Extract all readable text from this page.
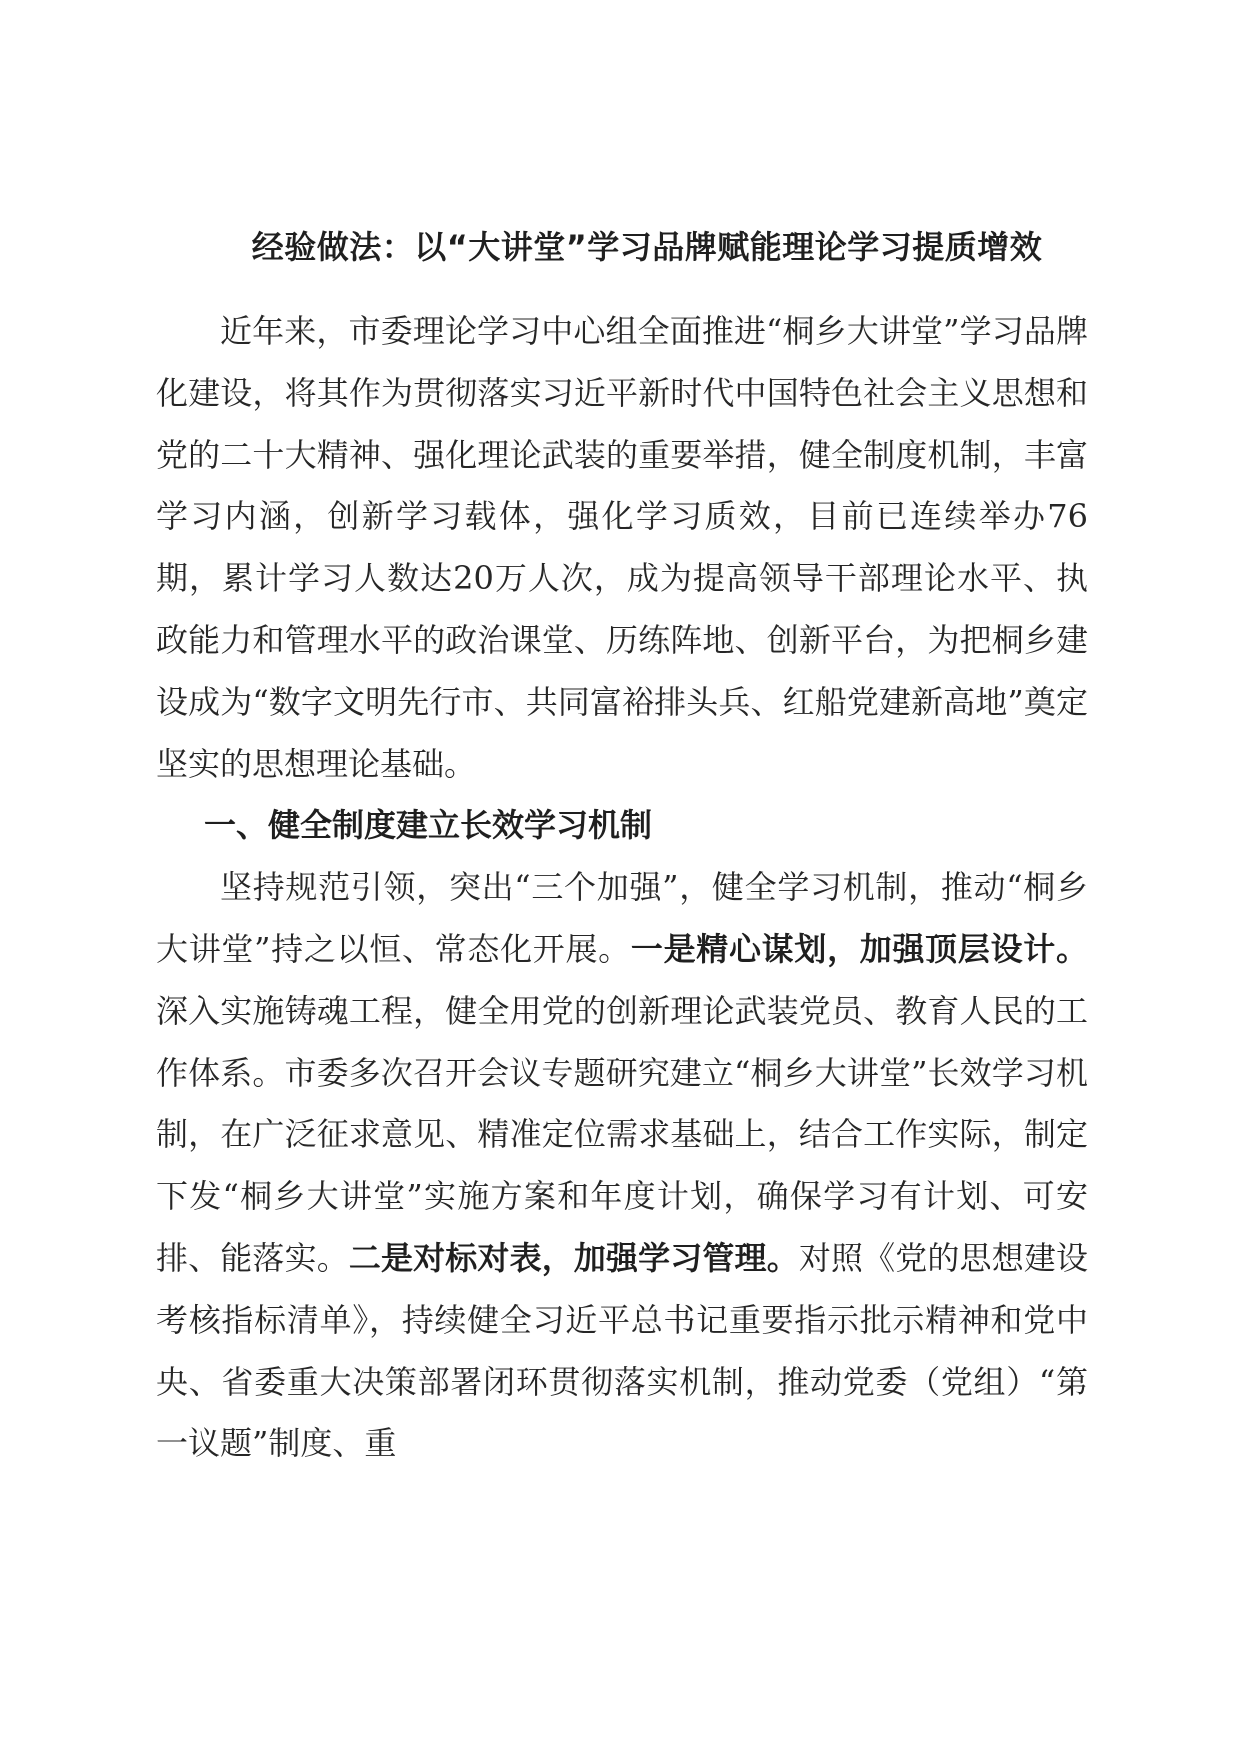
经验做法：以“大讲堂”学习品牌赋能理论学习提质增效

近年来，市委理论学习中心组全面推进“桐乡大讲堂”学习品牌化建设，将其作为贯彻落实习近平新时代中国特色社会主义思想和党的二十大精神、强化理论武装的重要举措，健全制度机制，丰富学习内涵，创新学习载体，强化学习质效，目前已连续举办76期，累计学习人数达20万人次，成为提高领导干部理论水平、执政能力和管理水平的政治课堂、历练阵地、创新平台，为把桐乡建设成为“数字文明先行市、共同富裕排头兵、红船党建新高地”奠定坚实的思想理论基础。

一、健全制度建立长效学习机制

坚持规范引领，突出“三个加强”，健全学习机制，推动“桐乡大讲堂”持之以恒、常态化开展。一是精心谋划，加强顶层设计。深入实施铸魂工程，健全用党的创新理论武装党员、教育人民的工作体系。市委多次召开会议专题研究建立“桐乡大讲堂”长效学习机制，在广泛征求意见、精准定位需求基础上，结合工作实际，制定下发“桐乡大讲堂”实施方案和年度计划，确保学习有计划、可安排、能落实。二是对标对表，加强学习管理。对照《党的思想建设考核指标清单》，持续健全习近平总书记重要指示批示精神和党中央、省委重大决策部署闭环贯彻落实机制，推动党委（党组）“第一议题”制度、重
